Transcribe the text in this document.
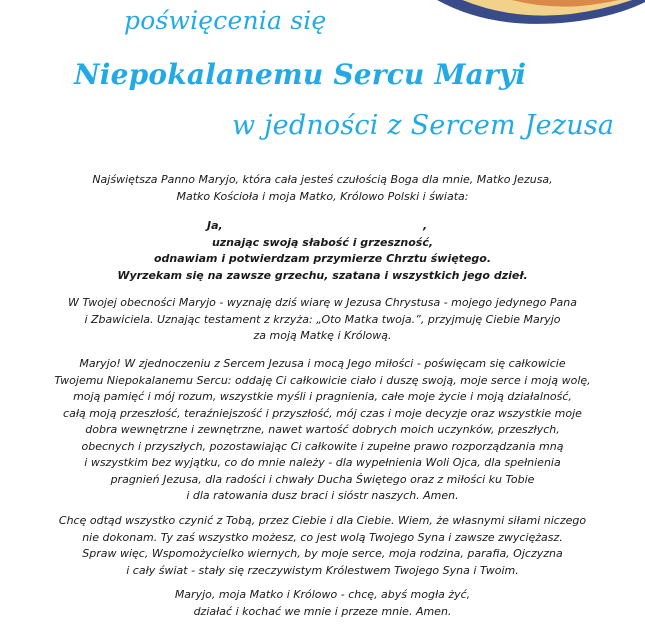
poświęcenia się
Niepokalanemu Sercu Maryi
w jedności z Sercem Jezusa
Najświętsza Panno Maryjo, która cała jesteś czułością Boga dla mnie, Matko Jezusa,
Matko Kościoła i moja Matko, Królowo Polski i świata:
Ja,	,
uznając swoją słabość i grzeszność,
odnawiam i potwierdzam przymierze Chrztu świętego.
Wyrzekam się na zawsze grzechu, szatana i wszystkich jego dzieł.
W Twojej obecności Maryjo - wyznaję dziś wiarę w Jezusa Chrystusa - mojego jedynego Pana
i Zbawiciela. Uznając testament z krzyża: „Oto Matka twoja.”, przyjmuję Ciebie Maryjo
za moją Matkę i Królową.
Maryjo! W zjednoczeniu z Sercem Jezusa i mocą Jego miłości - poświęcam się całkowicie
Twojemu Niepokalanemu Sercu: oddaję Ci całkowicie ciało i duszę swoją, moje serce i moją wolę,
moją pamięć i mój rozum, wszystkie myśli i pragnienia, całe moje życie i moją działalność,
całą moją przeszłość, teraźniejszość i przyszłość, mój czas i moje decyzje oraz wszystkie moje
dobra wewnętrzne i zewnętrzne, nawet wartość dobrych moich uczynków, przeszłych,
obecnych i przyszłych, pozostawiając Ci całkowite i zupełne prawo rozporządzania mną
i wszystkim bez wyjątku, co do mnie należy - dla wypełnienia Woli Ojca, dla spełnienia
pragnień Jezusa, dla radości i chwały Ducha Świętego oraz z miłości ku Tobie
i dla ratowania dusz braci i sióstr naszych. Amen.
Chcę odtąd wszystko czynić z Tobą, przez Ciebie i dla Ciebie. Wiem, że własnymi siłami niczego
nie dokonam. Ty zaś wszystko możesz, co jest wolą Twojego Syna i zawsze zwyciężasz.
Spraw więc, Wspomożycielko wiernych, by moje serce, moja rodzina, parafia, Ojczyzna
i cały świat - stały się rzeczywistym Królestwem Twojego Syna i Twoim.
Maryjo, moja Matko i Królowo - chcę, abyś mogła żyć,
działać i kochać we mnie i przeze mnie. Amen.
